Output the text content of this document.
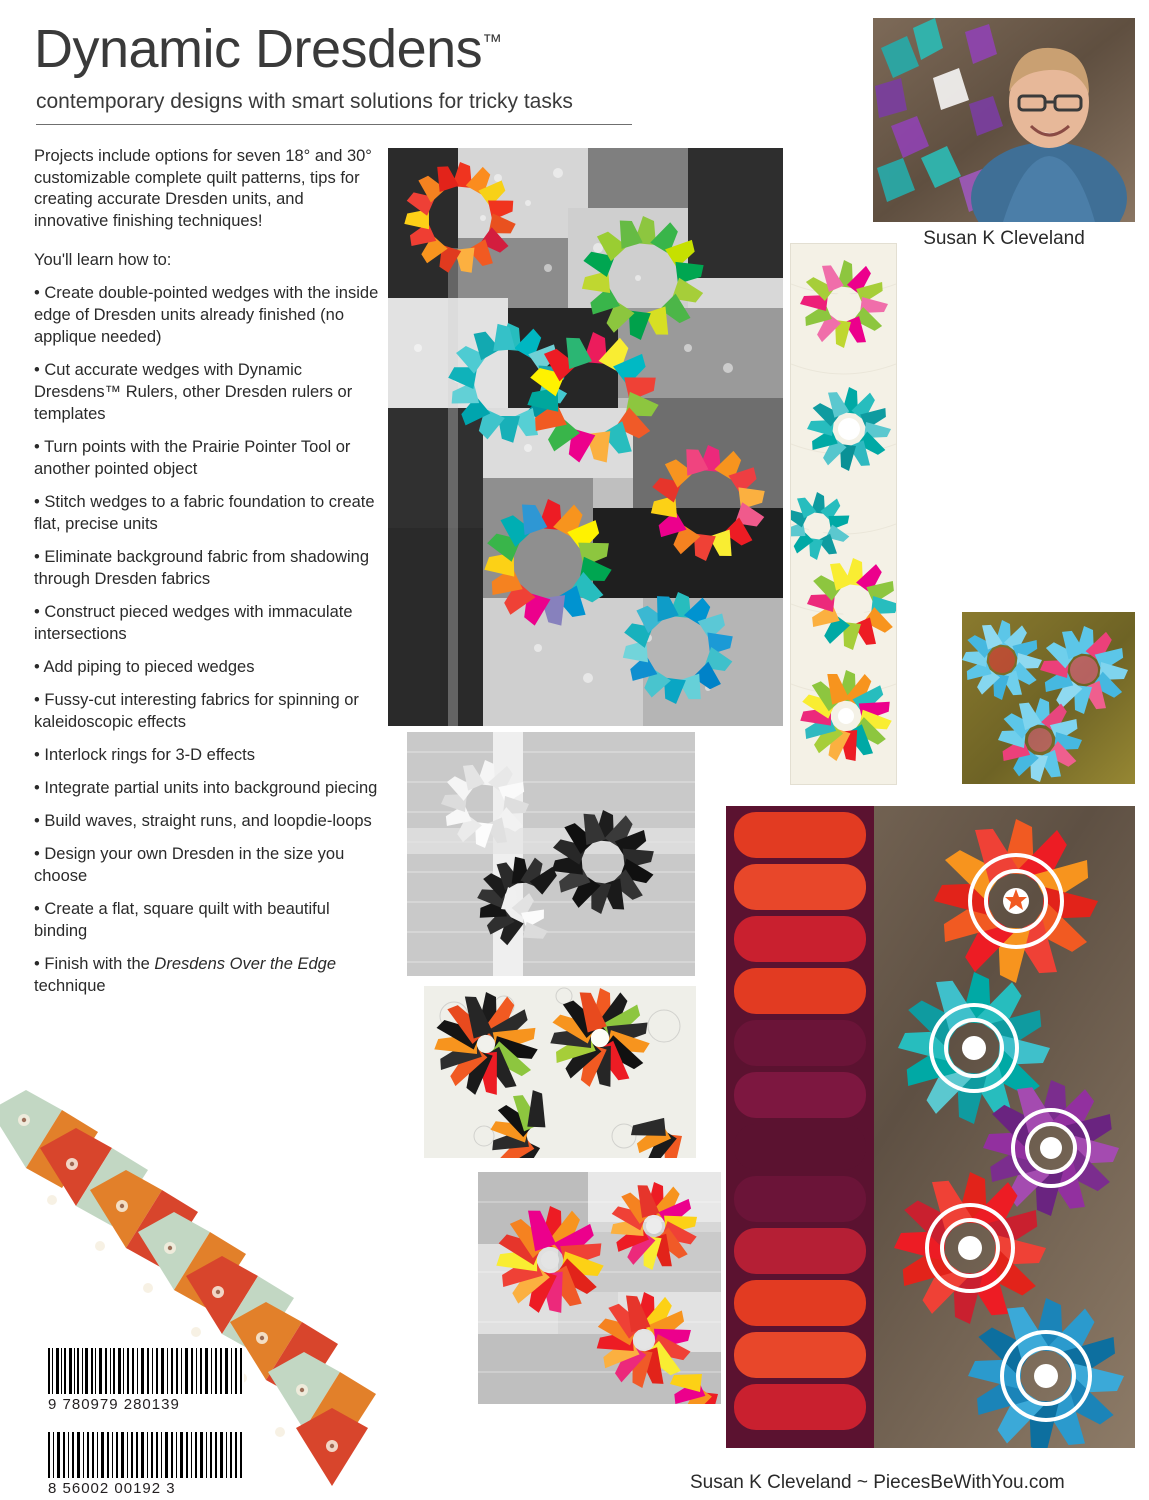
Dynamic Dresdens™
contemporary designs with smart solutions for tricky tasks
Susan K Cleveland
Projects include options for seven 18° and 30° customizable complete quilt patterns, tips for creating accurate Dresden units, and innovative finishing techniques!
You'll learn how to:
• Create double-pointed wedges with the inside edge of Dresden units already finished (no applique needed)
• Cut accurate wedges with Dynamic Dresdens™ Rulers, other Dresden rulers or templates
• Turn points with the Prairie Pointer Tool or another pointed object
• Stitch wedges to a fabric foundation to create flat, precise units
• Eliminate background fabric from shadowing through Dresden fabrics
• Construct pieced wedges with immaculate intersections
• Add piping to pieced wedges
• Fussy-cut interesting fabrics for spinning or kaleidoscopic effects
• Interlock rings for 3-D effects
• Integrate partial units into background piecing
• Build waves, straight runs, and loopdie-loops
• Design your own Dresden in the size you choose
• Create a flat, square quilt with beautiful binding
• Finish with the Dresdens Over the Edge technique
9 780979 280139
8 56002 00192 3	Susan K Cleveland ~ PiecesBeWithYou.com
